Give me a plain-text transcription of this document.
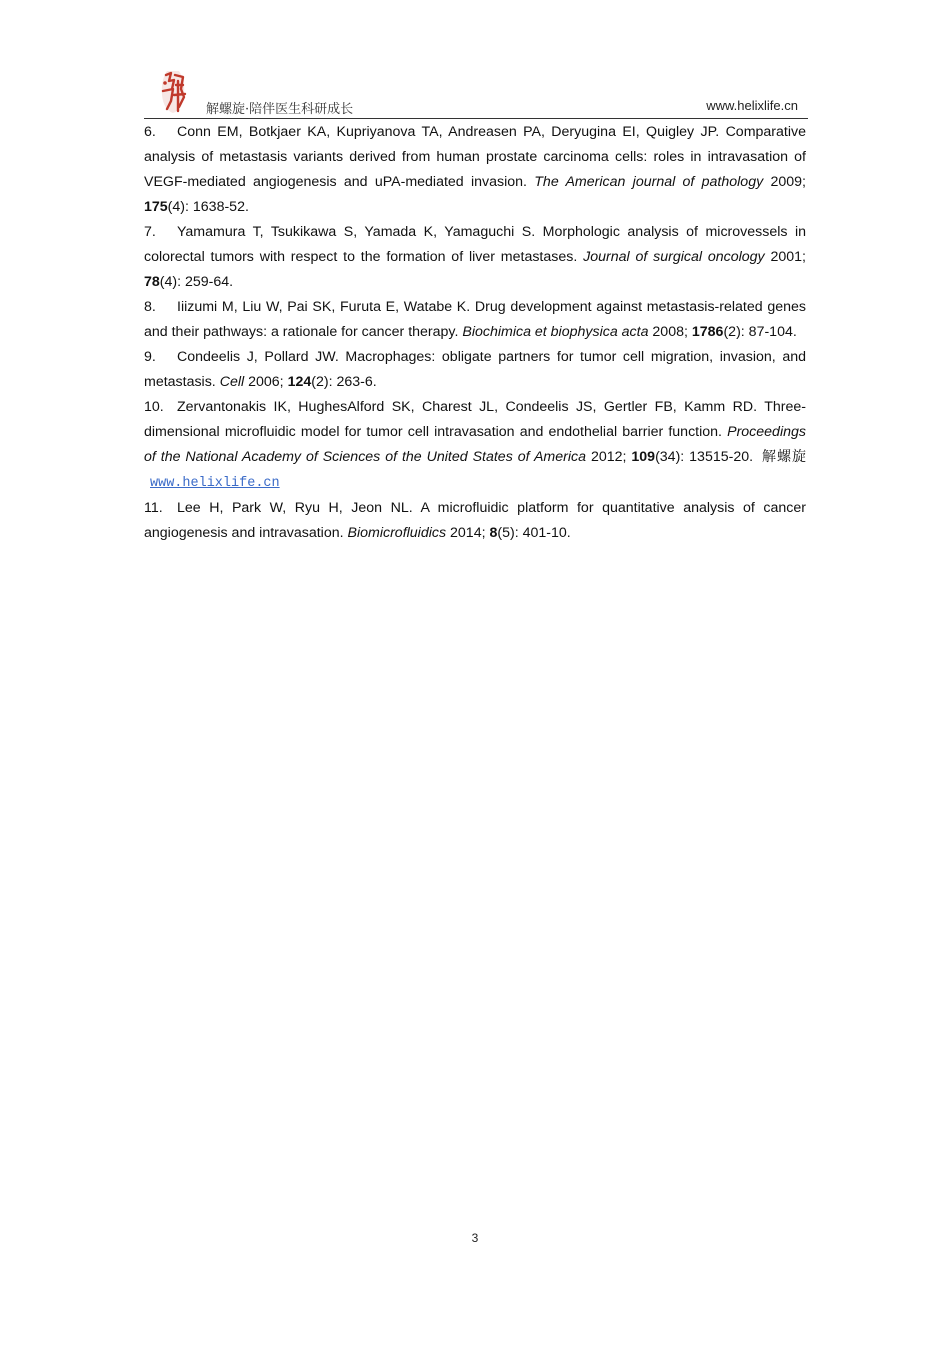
解螺旋·陪伴医生科研成长	www.helixlife.cn

6. Conn EM, Botkjaer KA, Kupriyanova TA, Andreasen PA, Deryugina EI, Quigley JP. Comparative analysis of metastasis variants derived from human prostate carcinoma cells: roles in intravasation of VEGF-mediated angiogenesis and uPA-mediated invasion. The American journal of pathology 2009; 175(4): 1638-52.

7. Yamamura T, Tsukikawa S, Yamada K, Yamaguchi S. Morphologic analysis of microvessels in colorectal tumors with respect to the formation of liver metastases. Journal of surgical oncology 2001; 78(4): 259-64.

8. Iiizumi M, Liu W, Pai SK, Furuta E, Watabe K. Drug development against metastasis-related genes and their pathways: a rationale for cancer therapy. Biochimica et biophysica acta 2008; 1786(2): 87-104.

9. Condeelis J, Pollard JW. Macrophages: obligate partners for tumor cell migration, invasion, and metastasis. Cell 2006; 124(2): 263-6.

10. Zervantonakis IK, HughesAlford SK, Charest JL, Condeelis JS, Gertler FB, Kamm RD. Three-dimensional microfluidic model for tumor cell intravasation and endothelial barrier function. Proceedings of the National Academy of Sciences of the United States of America 2012; 109(34): 13515-20. 解螺旋 www.helixlife.cn

11. Lee H, Park W, Ryu H, Jeon NL. A microfluidic platform for quantitative analysis of cancer angiogenesis and intravasation. Biomicrofluidics 2014; 8(5): 401-10.

3
